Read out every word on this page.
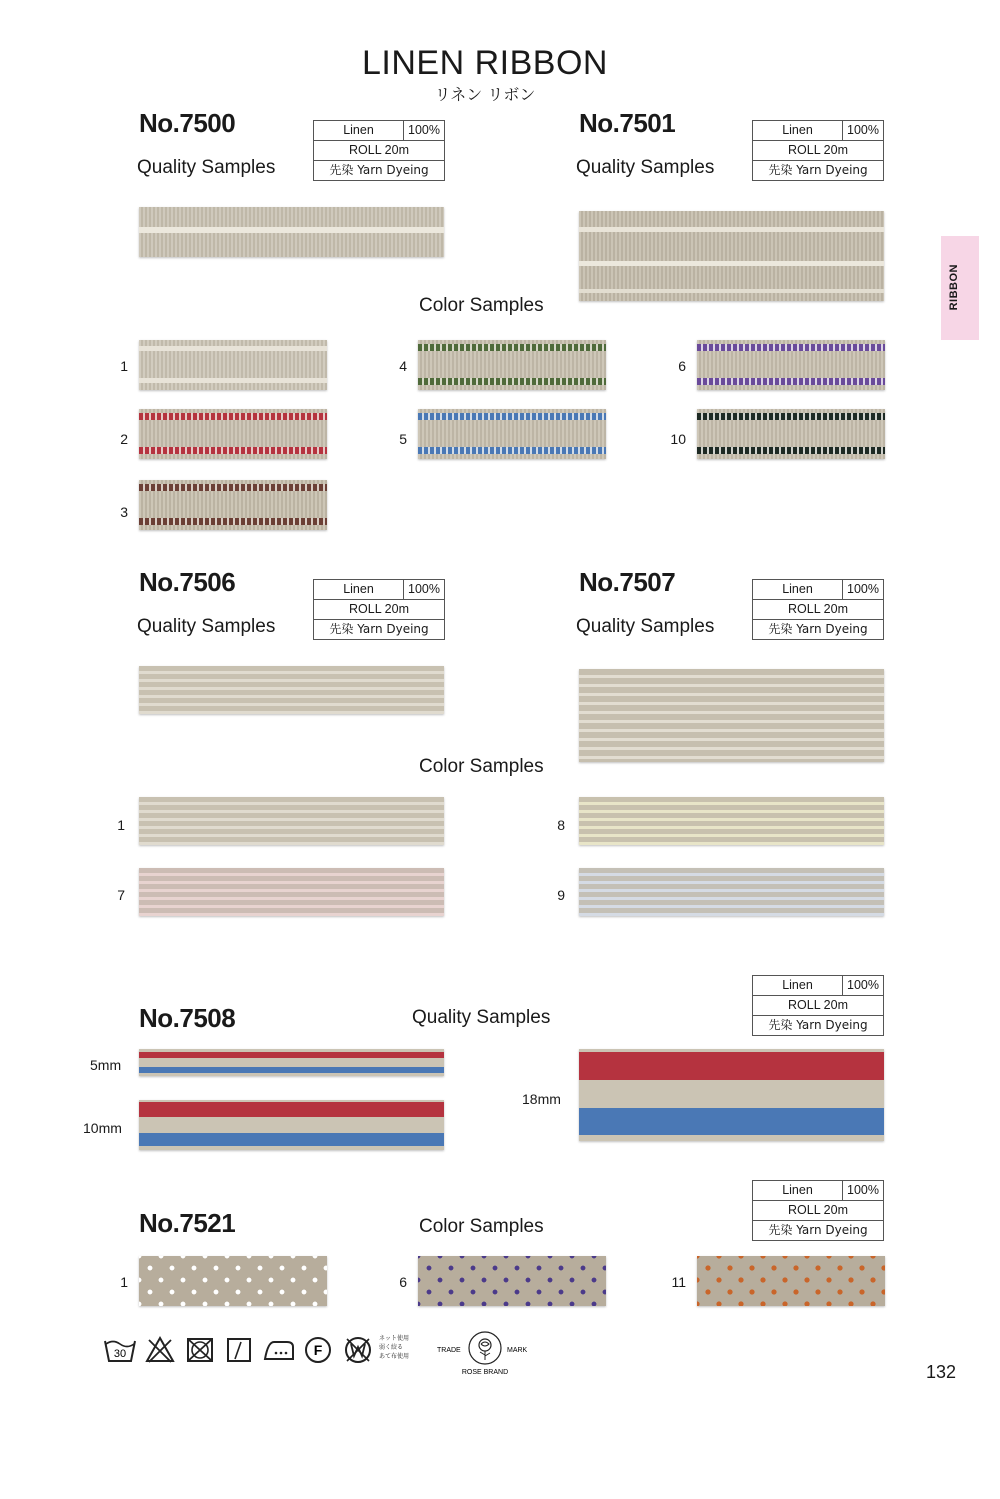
LINEN RIBBON
リネン リボン
RIBBON
No.7500
Quality Samples
Linen	100%
ROLL 20m
先染 Yarn Dyeing
No.7501
Quality Samples
Linen	100%
ROLL 20m
先染 Yarn Dyeing
Color Samples
1
2
3
4
5
6
10
No.7506
Quality Samples
Linen	100%
ROLL 20m
先染 Yarn Dyeing
No.7507
Quality Samples
Linen	100%
ROLL 20m
先染 Yarn Dyeing
Color Samples
1
7
8
9
No.7508	Quality Samples
Linen	100%
ROLL 20m
先染 Yarn Dyeing
5mm
10mm
18mm
No.7521	Color Samples
Linen	100%
ROLL 20m
先染 Yarn Dyeing
1	6	11
30	F
ネット使用
弱く絞る
あて布使用
TRADE	MARK
ROSE BRAND	132
